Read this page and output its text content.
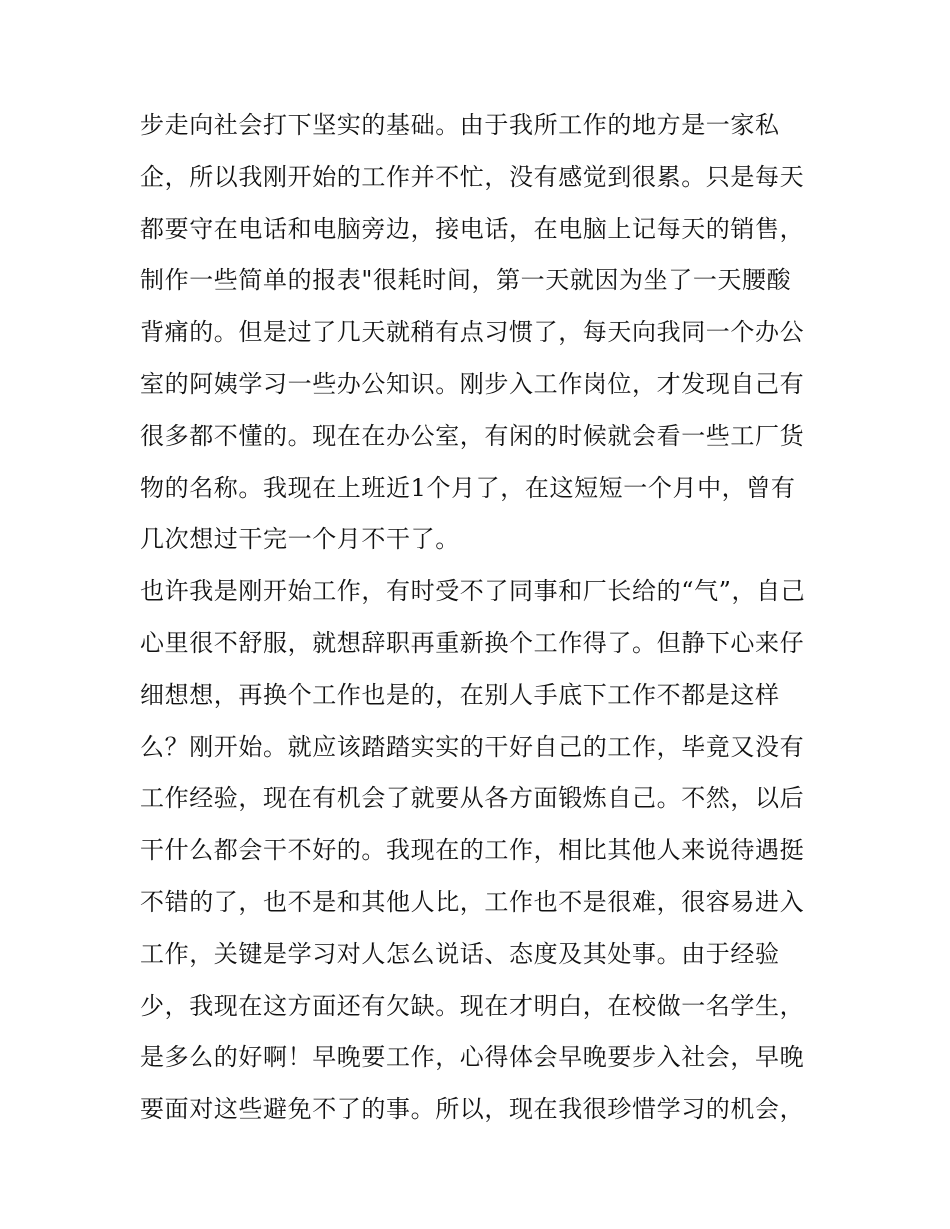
步走向社会打下坚实的基础。由于我所工作的地方是一家私
企，所以我刚开始的工作并不忙，没有感觉到很累。只是每天
都要守在电话和电脑旁边，接电话，在电脑上记每天的销售，
制作一些简单的报表"很耗时间，第一天就因为坐了一天腰酸
背痛的。但是过了几天就稍有点习惯了，每天向我同一个办公
室的阿姨学习一些办公知识。刚步入工作岗位，才发现自己有
很多都不懂的。现在在办公室，有闲的时候就会看一些工厂货
物的名称。我现在上班近1个月了，在这短短一个月中，曾有
几次想过干完一个月不干了。
也许我是刚开始工作，有时受不了同事和厂长给的“气”，自己
心里很不舒服，就想辞职再重新换个工作得了。但静下心来仔
细想想，再换个工作也是的，在别人手底下工作不都是这样
么？刚开始。就应该踏踏实实的干好自己的工作，毕竟又没有
工作经验，现在有机会了就要从各方面锻炼自己。不然，以后
干什么都会干不好的。我现在的工作，相比其他人来说待遇挺
不错的了，也不是和其他人比，工作也不是很难，很容易进入
工作，关键是学习对人怎么说话、态度及其处事。由于经验
少，我现在这方面还有欠缺。现在才明白，在校做一名学生，
是多么的好啊！早晚要工作，心得体会早晚要步入社会，早晚
要面对这些避免不了的事。所以，现在我很珍惜学习的机会，
